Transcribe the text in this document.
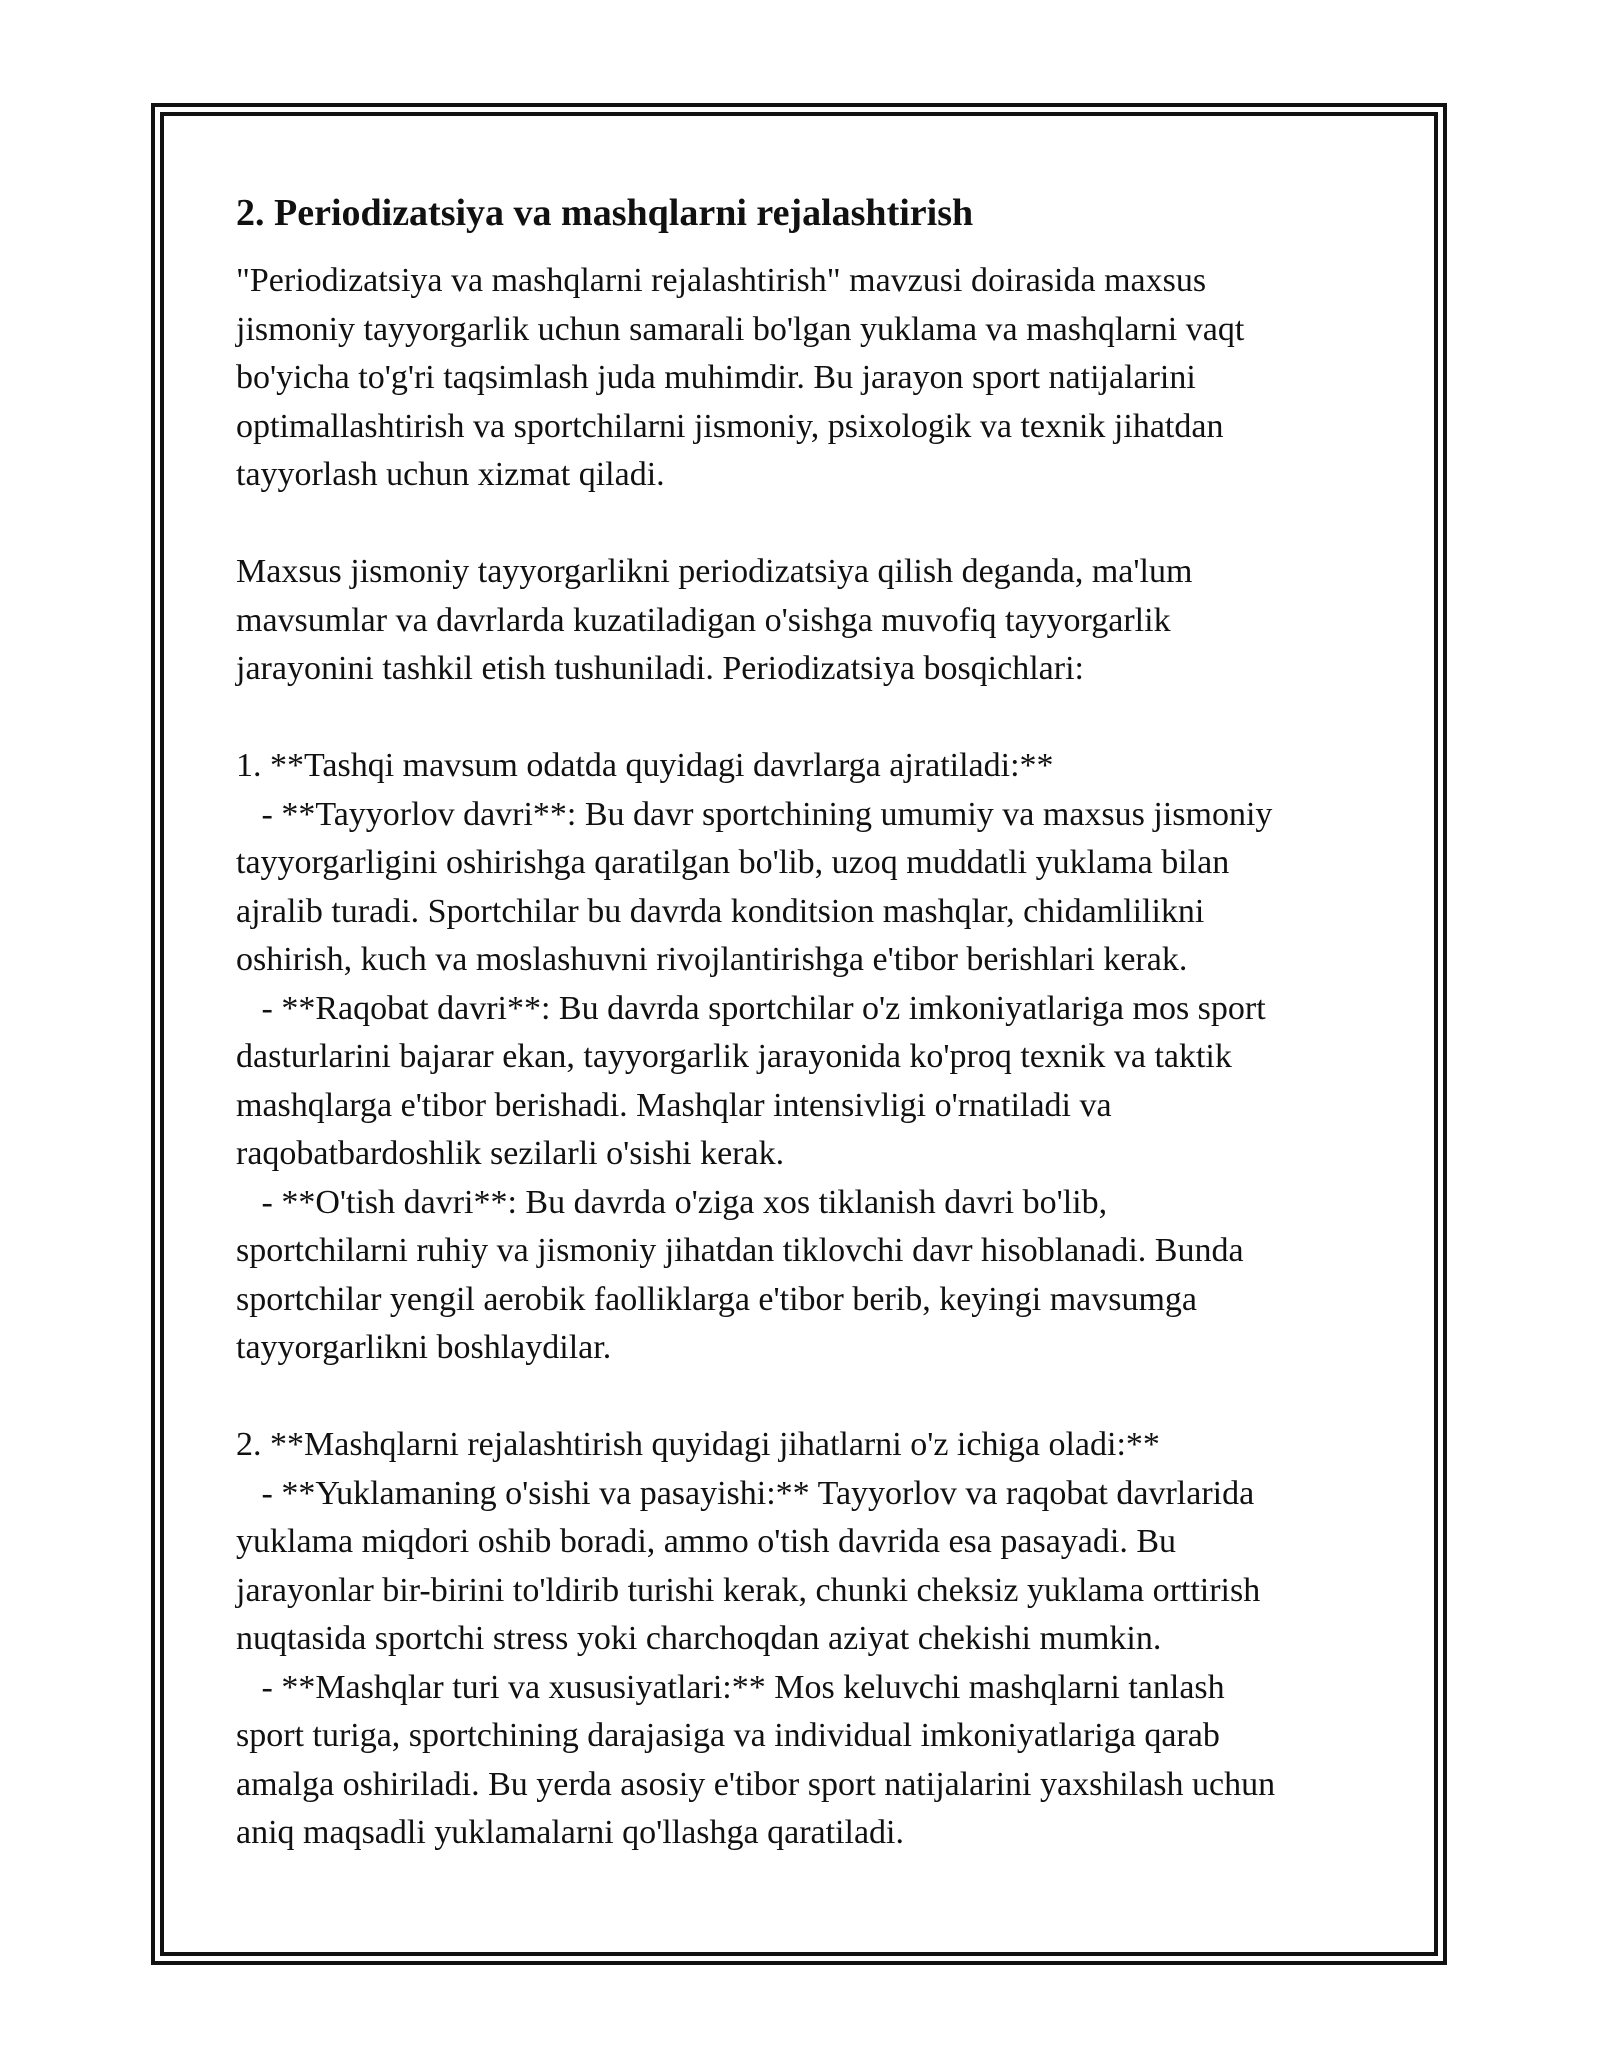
2. Periodizatsiya va mashqlarni rejalashtirish
"Periodizatsiya va mashqlarni rejalashtirish" mavzusi doirasida maxsus
jismoniy tayyorgarlik uchun samarali bo'lgan yuklama va mashqlarni vaqt
bo'yicha to'g'ri taqsimlash juda muhimdir. Bu jarayon sport natijalarini
optimallashtirish va sportchilarni jismoniy, psixologik va texnik jihatdan
tayyorlash uchun xizmat qiladi.
Maxsus jismoniy tayyorgarlikni periodizatsiya qilish deganda, ma'lum
mavsumlar va davrlarda kuzatiladigan o'sishga muvofiq tayyorgarlik
jarayonini tashkil etish tushuniladi. Periodizatsiya bosqichlari:
1. **Tashqi mavsum odatda quyidagi davrlarga ajratiladi:**
- **Tayyorlov davri**: Bu davr sportchining umumiy va maxsus jismoniy
tayyorgarligini oshirishga qaratilgan bo'lib, uzoq muddatli yuklama bilan
ajralib turadi. Sportchilar bu davrda konditsion mashqlar, chidamlilikni
oshirish, kuch va moslashuvni rivojlantirishga e'tibor berishlari kerak.
- **Raqobat davri**: Bu davrda sportchilar o'z imkoniyatlariga mos sport
dasturlarini bajarar ekan, tayyorgarlik jarayonida ko'proq texnik va taktik
mashqlarga e'tibor berishadi. Mashqlar intensivligi o'rnatiladi va
raqobatbardoshlik sezilarli o'sishi kerak.
- **O'tish davri**: Bu davrda o'ziga xos tiklanish davri bo'lib,
sportchilarni ruhiy va jismoniy jihatdan tiklovchi davr hisoblanadi. Bunda
sportchilar yengil aerobik faolliklarga e'tibor berib, keyingi mavsumga
tayyorgarlikni boshlaydilar.
2. **Mashqlarni rejalashtirish quyidagi jihatlarni o'z ichiga oladi:**
- **Yuklamaning o'sishi va pasayishi:** Tayyorlov va raqobat davrlarida
yuklama miqdori oshib boradi, ammo o'tish davrida esa pasayadi. Bu
jarayonlar bir-birini to'ldirib turishi kerak, chunki cheksiz yuklama orttirish
nuqtasida sportchi stress yoki charchoqdan aziyat chekishi mumkin.
- **Mashqlar turi va xususiyatlari:** Mos keluvchi mashqlarni tanlash
sport turiga, sportchining darajasiga va individual imkoniyatlariga qarab
amalga oshiriladi. Bu yerda asosiy e'tibor sport natijalarini yaxshilash uchun
aniq maqsadli yuklamalarni qo'llashga qaratiladi.
